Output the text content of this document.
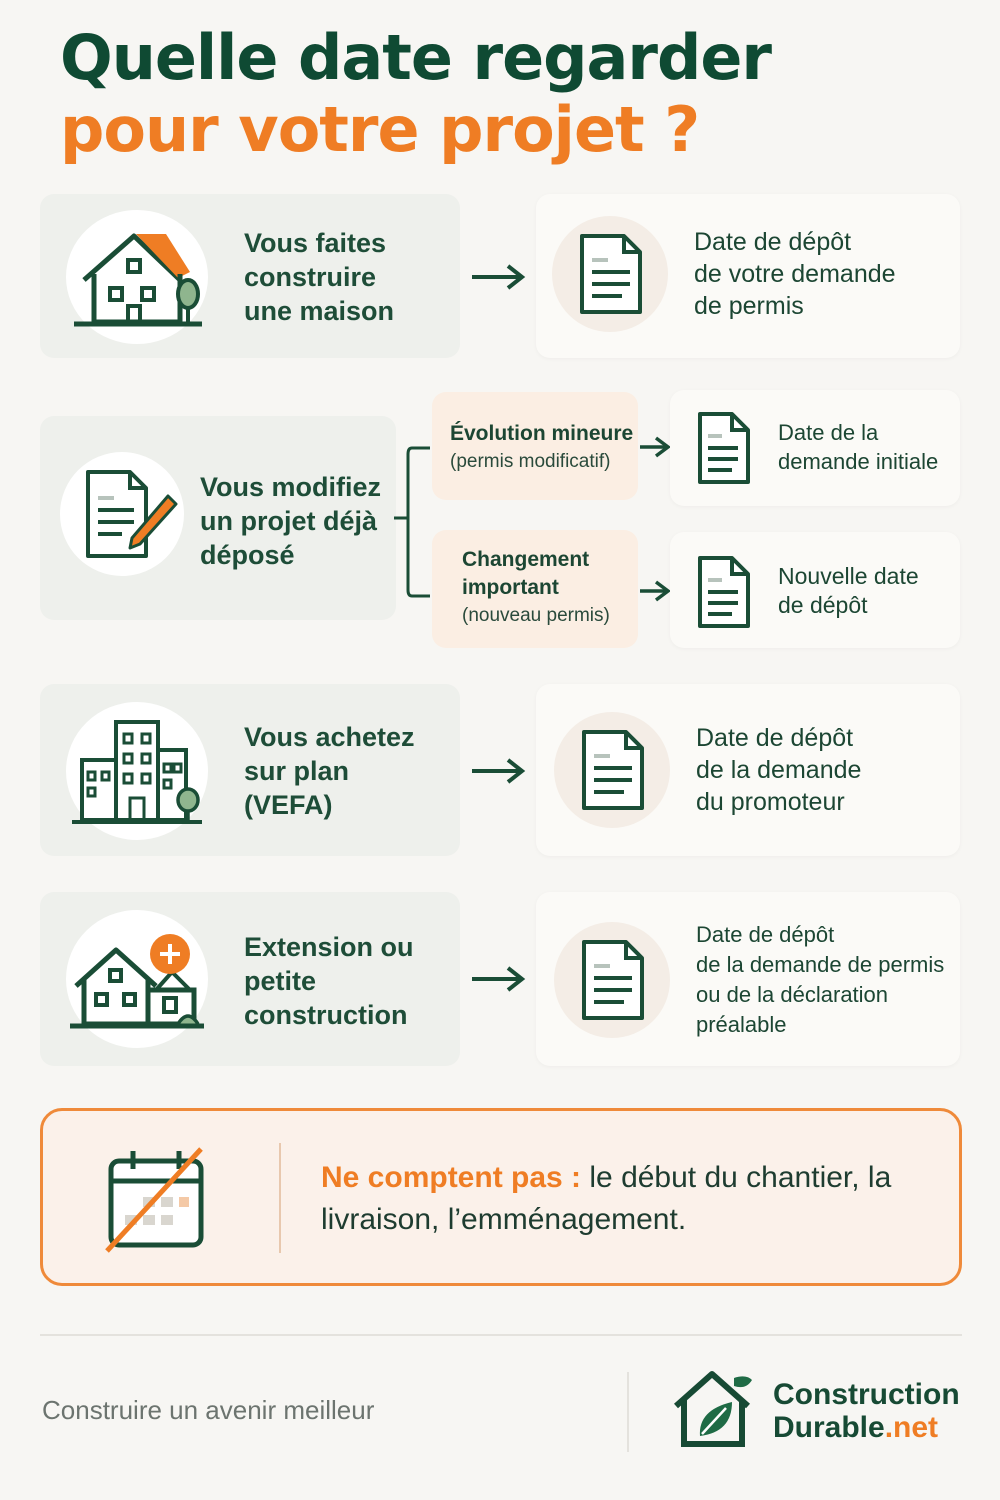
Quelle date regarder
pour votre projet ?
Vous faites
construire
une maison
Date de dépôt
de votre demande
de permis
Vous modifiez
un projet déjà
déposé
Évolution mineure
(permis modificatif)
Date de la
demande initiale
Changement
important
(nouveau permis)
Nouvelle date
de dépôt
Vous achetez
sur plan
(VEFA)
Date de dépôt
de la demande
du promoteur
Extension ou
petite
construction
Date de dépôt
de la demande de permis
ou de la déclaration
préalable
Ne comptent pas : le début du chantier, la livraison, l’emménagement.
Construire un avenir meilleur	Construction
Durable.net
